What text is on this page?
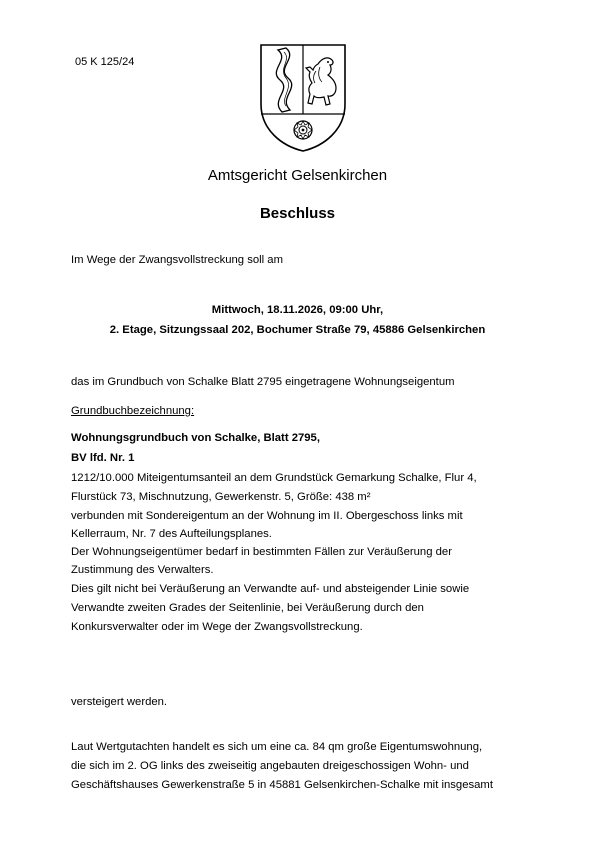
05 K 125/24
Amtsgericht Gelsenkirchen
Beschluss
Im Wege der Zwangsvollstreckung soll am
Mittwoch, 18.11.2026, 09:00 Uhr,
2. Etage, Sitzungssaal 202, Bochumer Straße 79, 45886 Gelsenkirchen
das im Grundbuch von Schalke Blatt 2795 eingetragene Wohnungseigentum
Grundbuchbezeichnung:
Wohnungsgrundbuch von Schalke, Blatt 2795,
BV lfd. Nr. 1
1212/10.000 Miteigentumsanteil an dem Grundstück Gemarkung Schalke, Flur 4,
Flurstück 73, Mischnutzung, Gewerkenstr. 5, Größe: 438 m²
verbunden mit Sondereigentum an der Wohnung im II. Obergeschoss links mit
Kellerraum, Nr. 7 des Aufteilungsplanes.
Der Wohnungseigentümer bedarf in bestimmten Fällen zur Veräußerung der
Zustimmung des Verwalters.
Dies gilt nicht bei Veräußerung an Verwandte auf- und absteigender Linie sowie
Verwandte zweiten Grades der Seitenlinie, bei Veräußerung durch den
Konkursverwalter oder im Wege der Zwangsvollstreckung.
versteigert werden.
Laut Wertgutachten handelt es sich um eine ca. 84 qm große Eigentumswohnung,
die sich im 2. OG links des zweiseitig angebauten dreigeschossigen Wohn- und
Geschäftshauses Gewerkenstraße 5 in 45881 Gelsenkirchen-Schalke mit insgesamt
